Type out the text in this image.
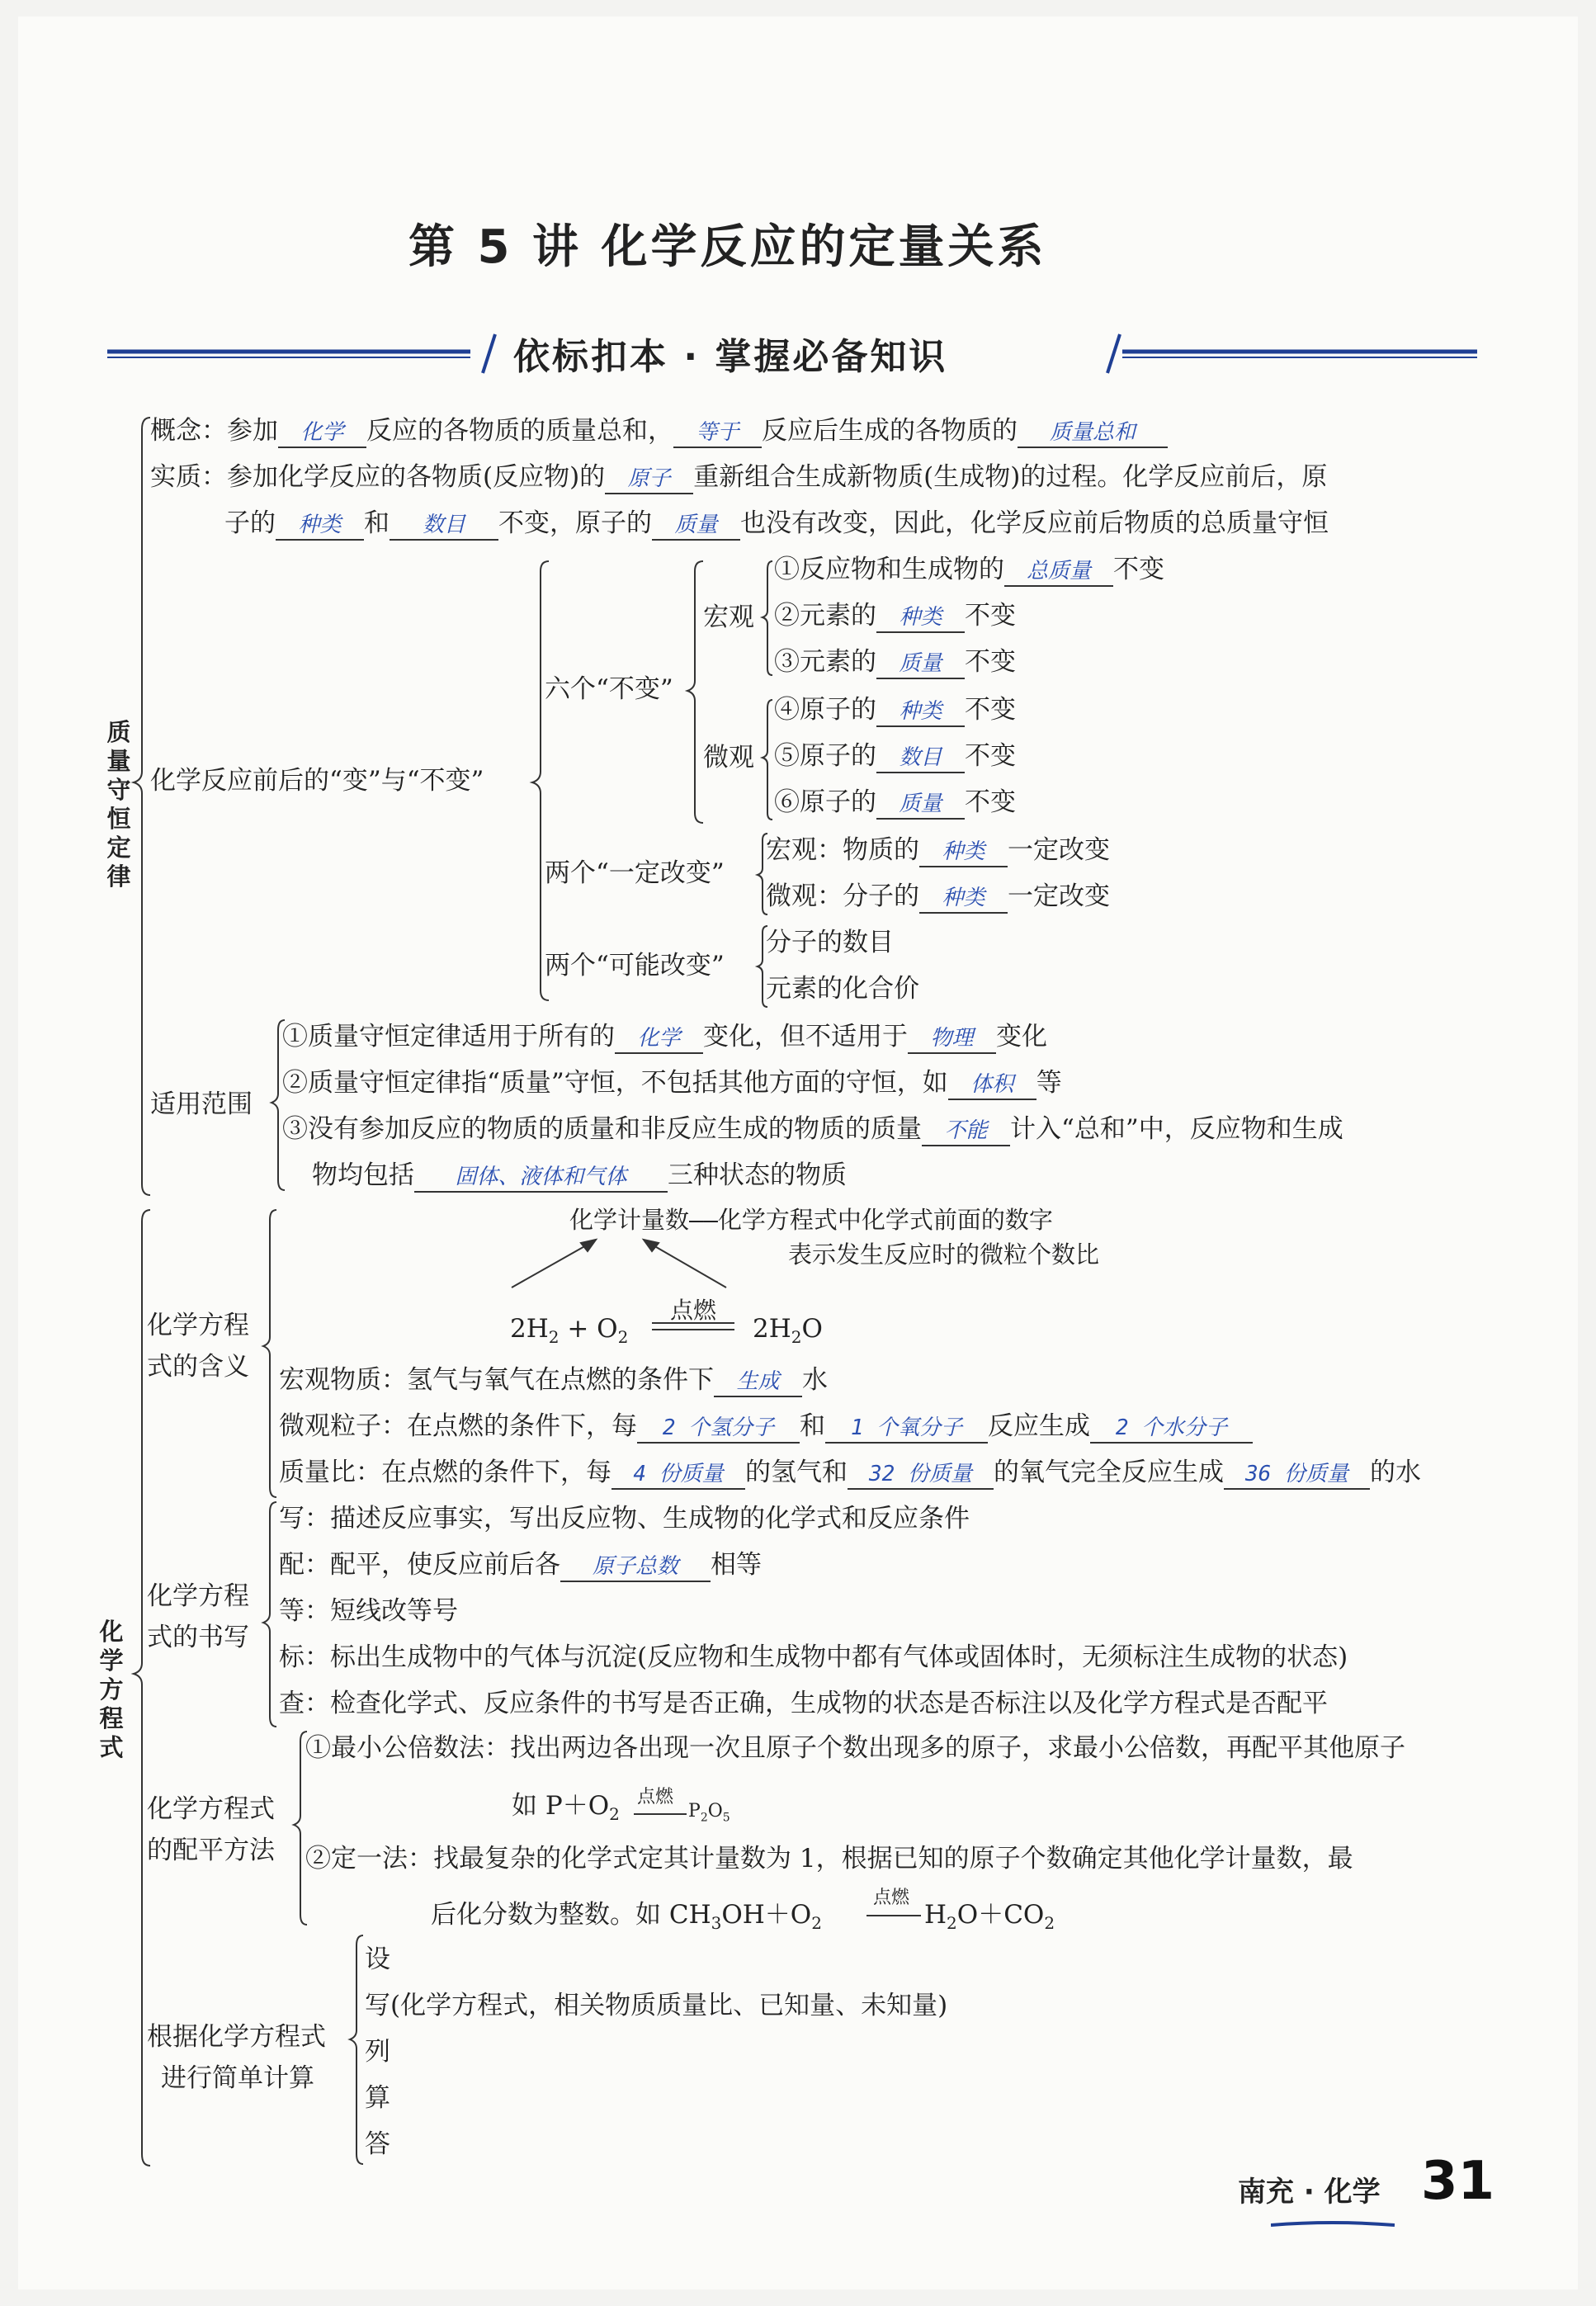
第 5 讲 化学反应的定量关系
依标扣本 · 掌握必备知识
质量守恒定律
概念：参加 化学 反应的各物质的质量总和， 等于 反应后生成的各物质的 质量总和
实质：参加化学反应的各物质(反应物)的 原子 重新组合生成新物质(生成物)的过程。化学反应前后，原
子的 种类 和 数目 不变，原子的 质量 也没有改变，因此，化学反应前后物质的总质量守恒
化学反应前后的“变”与“不变”
六个“不变”
宏观
微观
①反应物和生成物的 总质量 不变
②元素的 种类 不变
③元素的 质量 不变
④原子的 种类 不变
⑤原子的 数目 不变
⑥原子的 质量 不变
两个“一定改变”
宏观：物质的 种类 一定改变
微观：分子的 种类 一定改变
两个“可能改变”
分子的数目
元素的化合价
适用范围
①质量守恒定律适用于所有的 化学 变化，但不适用于 物理 变化
②质量守恒定律指“质量”守恒，不包括其他方面的守恒，如 体积 等
③没有参加反应的物质的质量和非反应生成的物质的质量 不能 计入“总和”中，反应物和生成
物均包括 固体、液体和气体 三种状态的物质
化学方程式
化学方程
式的含义
化学计量数——化学方程式中化学式前面的数字
表示发生反应时的微粒个数比
$2H_2 + O_2$
点燃
$2H_2O$
宏观物质：氢气与氧气在点燃的条件下 生成 水
微观粒子：在点燃的条件下，每 2 个氢分子 和 1 个氧分子 反应生成 2 个水分子
质量比：在点燃的条件下，每 4 份质量 的氢气和 32 份质量 的氧气完全反应生成 36 份质量 的水
化学方程
式的书写
写：描述反应事实，写出反应物、生成物的化学式和反应条件
配：配平，使反应前后各 原子总数 相等
等：短线改等号
标：标出生成物中的气体与沉淀(反应物和生成物中都有气体或固体时，无须标注生成物的状态)
查：检查化学式、反应条件的书写是否正确，生成物的状态是否标注以及化学方程式是否配平
化学方程式
的配平方法
①最小公倍数法：找出两边各出现一次且原子个数出现多的原子，求最小公倍数，再配平其他原子
如 $P+O_2$
点燃
$P_2O_5$
②定一法：找最复杂的化学式定其计量数为 1，根据已知的原子个数确定其他化学计量数，最
后化分数为整数。如 $CH_3OH+O_2$
点燃
$H_2O+CO_2$
根据化学方程式
进行简单计算
设
写(化学方程式，相关物质质量比、已知量、未知量)
列
算
答
南充 · 化学 31
